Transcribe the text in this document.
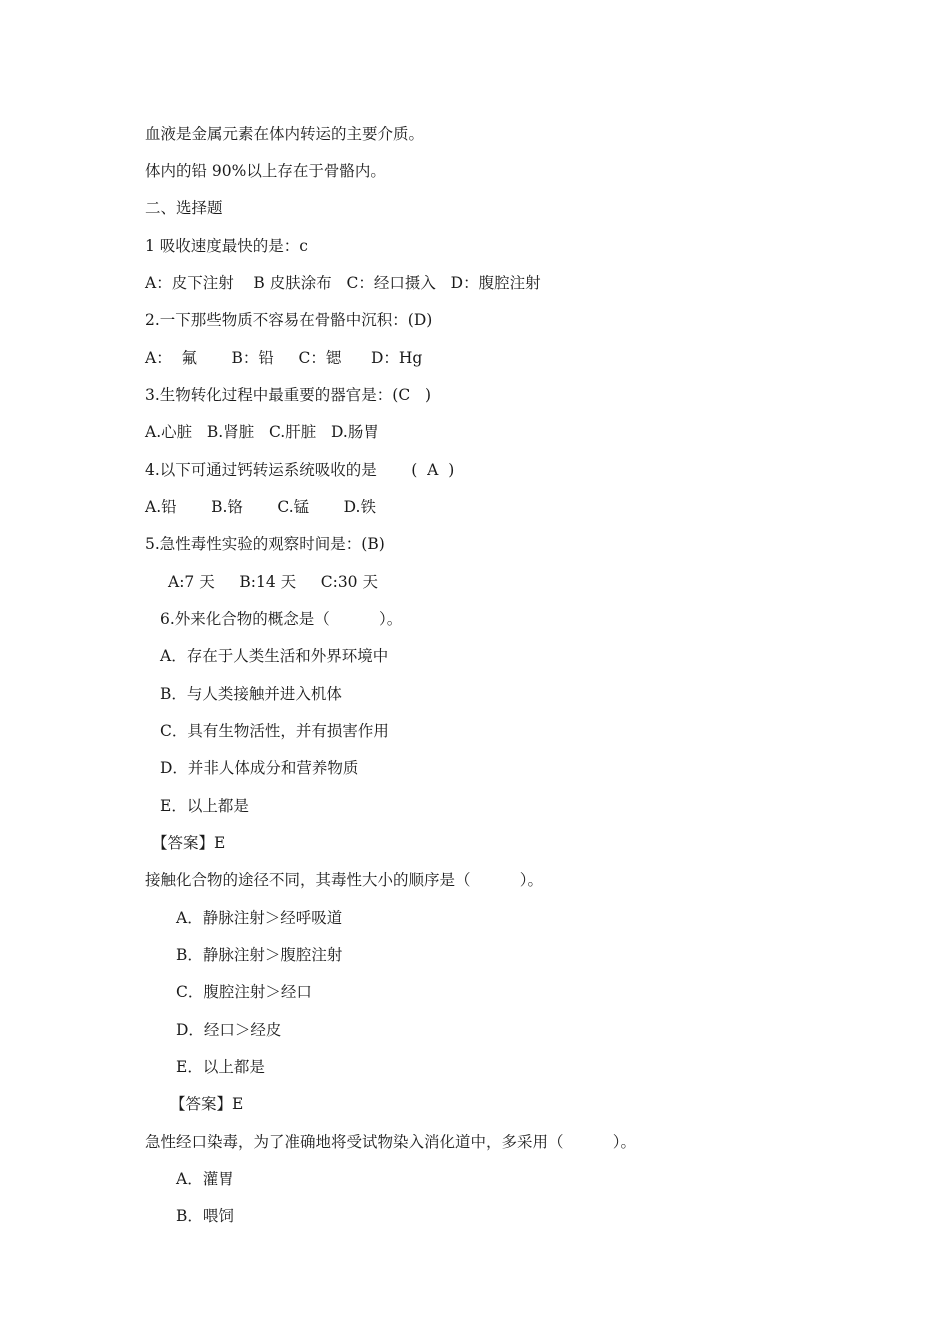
血液是金属元素在体内转运的主要介质。
体内的铅 90%以上存在于骨骼内。
二、选择题
1 吸收速度最快的是：c
A：皮下注射    B 皮肤涂布   C：经口摄入   D：腹腔注射
2.一下那些物质不容易在骨骼中沉积：(D)
A：  氟       B：铅     C：锶      D：Hg
3.生物转化过程中最重要的器官是：(C   )
A.心脏   B.肾脏   C.肝脏   D.肠胃
4.以下可通过钙转运系统吸收的是       (  A  )
A.铅       B.铬       C.锰       D.铁
5.急性毒性实验的观察时间是：(B)
A:7 天     B:14 天     C:30 天
6.外来化合物的概念是（          ）。
A．存在于人类生活和外界环境中
B．与人类接触并进入机体
C．具有生物活性，并有损害作用
D．并非人体成分和营养物质
E．以上都是
【答案】E
接触化合物的途径不同，其毒性大小的顺序是（          ）。
A．静脉注射＞经呼吸道
B．静脉注射＞腹腔注射
C．腹腔注射＞经口
D．经口＞经皮
E．以上都是
【答案】E
急性经口染毒，为了准确地将受试物染入消化道中，多采用（          ）。
A．灌胃
B．喂饲
